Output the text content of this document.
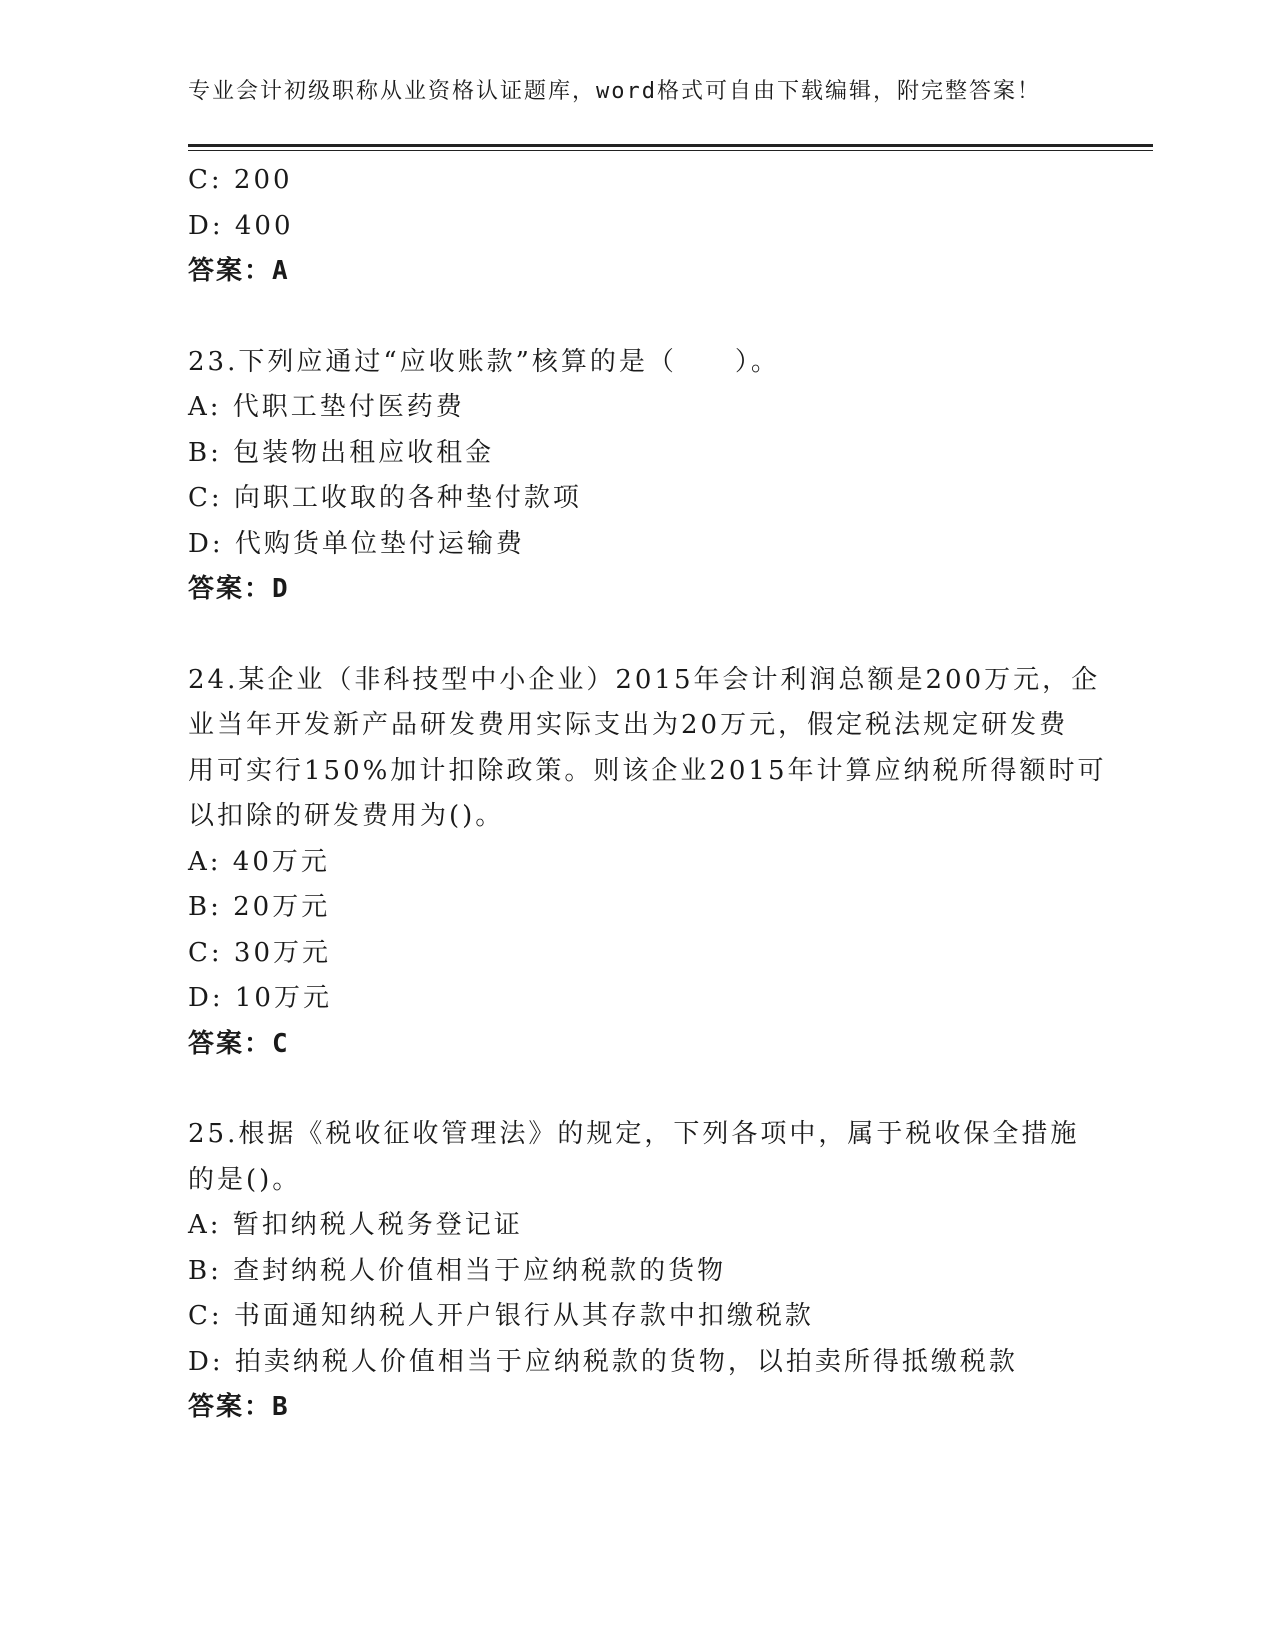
专业会计初级职称从业资格认证题库，word格式可自由下载编辑，附完整答案！
C: 200
D: 400
答案：A
23.下列应通过“应收账款”核算的是（　　）。
A: 代职工垫付医药费
B: 包装物出租应收租金
C: 向职工收取的各种垫付款项
D: 代购货单位垫付运输费
答案：D
24.某企业（非科技型中小企业）2015年会计利润总额是200万元，企
业当年开发新产品研发费用实际支出为20万元，假定税法规定研发费
用可实行150%加计扣除政策。则该企业2015年计算应纳税所得额时可
以扣除的研发费用为()。
A: 40万元
B: 20万元
C: 30万元
D: 10万元
答案：C
25.根据《税收征收管理法》的规定，下列各项中，属于税收保全措施
的是()。
A: 暂扣纳税人税务登记证
B: 查封纳税人价值相当于应纳税款的货物
C: 书面通知纳税人开户银行从其存款中扣缴税款
D: 拍卖纳税人价值相当于应纳税款的货物，以拍卖所得抵缴税款
答案：B
